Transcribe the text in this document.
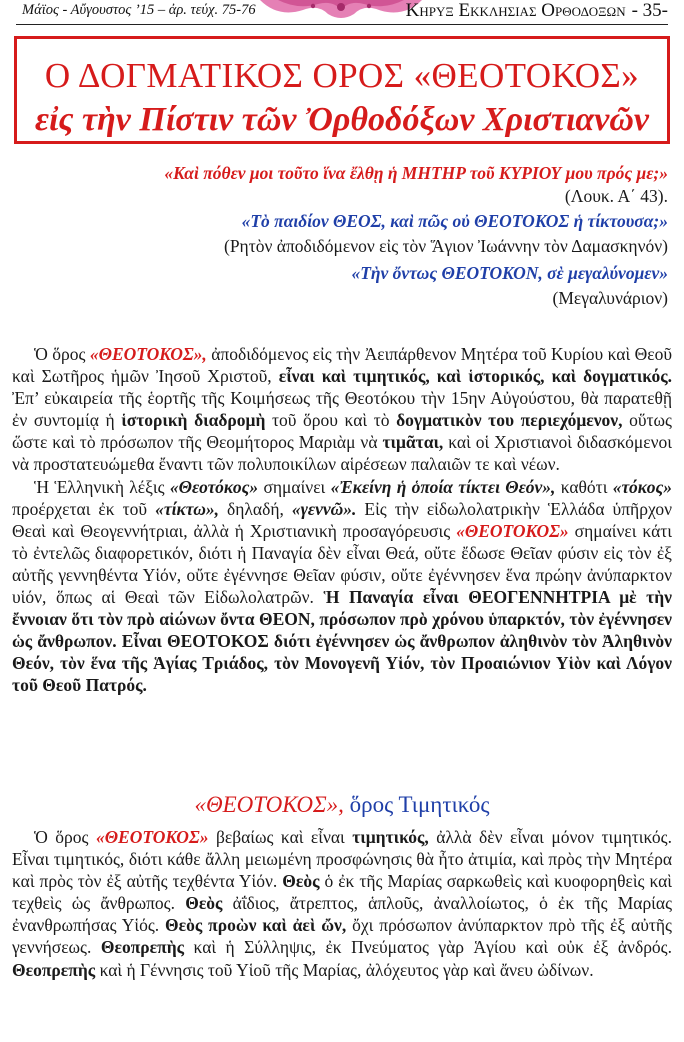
Μάϊος - Αὔγουστος ’15 – ἀρ. τεύχ. 75-76	Κηρυξ Εκκλησιας Ορθοδοξων - 35-
Ο ΔΟΓΜΑΤΙΚΟΣ ΟΡΟΣ «ΘΕΟΤΟΚΟΣ»
εἰς τὴν Πίστιν τῶν Ὀρθοδόξων Χριστιανῶν
«Καὶ πόθεν μοι τοῦτο ἵνα ἔλθῃ ἡ ΜΗΤΗΡ τοῦ ΚΥΡΙΟΥ μου πρός με;»
(Λουκ. Α΄ 43).
«Τὸ παιδίον ΘΕΟΣ, καὶ πῶς οὐ ΘΕΟΤΟΚΟΣ ἡ τίκτουσα;»
(Ρητὸν ἀποδιδόμενον εἰς τὸν Ἅγιον Ἰωάννην τὸν Δαμασκηνόν)
«Τὴν ὄντως ΘΕΟΤΟΚΟΝ, σὲ μεγαλύνομεν»
(Μεγαλυνάριον)

Ὁ ὅρος «ΘΕΟΤΟΚΟΣ», ἀποδιδόμενος εἰς τὴν Ἀειπάρθενον Μητέρα τοῦ Κυρίου καὶ Θεοῦ καὶ Σωτῆρος ἡμῶν Ἰησοῦ Χριστοῦ, εἶναι καὶ τιμητικός, καὶ ἱστορικός, καὶ δογματικός. Ἐπ’ εὐκαιρεία τῆς ἑορτῆς τῆς Κοιμήσεως τῆς Θεοτόκου τὴν 15ην Αὐγούστου, θὰ παρατεθῇ ἐν συντομίᾳ ἡ ἱστορικὴ διαδρομὴ τοῦ ὅρου καὶ τὸ δογματικὸν του περιεχόμενον, οὕτως ὥστε καὶ τὸ πρόσωπον τῆς Θεομήτορος Μαριὰμ νὰ τιμᾶται, καὶ οἱ Χριστιανοὶ διδασκόμενοι νὰ προστατευώμεθα ἔναντι τῶν πολυποικίλων αἱρέσεων παλαιῶν τε καὶ νέων.

Ἡ Ἑλληνικὴ λέξις «Θεοτόκος» σημαίνει «Ἐκείνη ἡ ὁποία τίκτει Θεόν», καθότι «τόκος» προέρχεται ἐκ τοῦ «τίκτω», δηλαδή, «γεννῶ». Εἰς τὴν εἰδωλολατρικὴν Ἑλλάδα ὑπῆρχον Θεαὶ καὶ Θεογεννήτριαι, ἀλλὰ ἡ Χριστιανικὴ προσαγόρευσις «ΘΕΟΤΟΚΟΣ» σημαίνει κάτι τὸ ἐντελῶς διαφορετικόν, διότι ἡ Παναγία δὲν εἶναι Θεά, οὔτε ἔδωσε Θεῖαν φύσιν εἰς τὸν ἐξ αὐτῆς γεννηθέντα Υἱόν, οὔτε ἐγέννησε Θεῖαν φύσιν, οὔτε ἐγέννησεν ἕνα πρώην ἀνύπαρκτον υἱόν, ὅπως αἱ Θεαὶ τῶν Εἰδωλολατρῶν. Ἡ Παναγία εἶναι ΘΕΟΓΕΝΝΗΤΡΙΑ μὲ τὴν ἔννοιαν ὅτι τὸν πρὸ αἰώνων ὄντα ΘΕΟΝ, πρόσωπον πρὸ χρόνου ὑπαρκτόν, τὸν ἐγέννησεν ὡς ἄνθρωπον. Εἶναι ΘΕΟΤΟΚΟΣ διότι ἐγέννησεν ὡς ἄνθρωπον ἀληθινὸν τὸν Ἀληθινὸν Θεόν, τὸν ἕνα τῆς Ἁγίας Τριάδος, τὸν Μονογενῆ Υἱόν, τὸν Προαιώνιον Υἱὸν καὶ Λόγον τοῦ Θεοῦ Πατρός.

«ΘΕΟΤΟΚΟΣ», ὅρος Τιμητικός

Ὁ ὅρος «ΘΕΟΤΟΚΟΣ» βεβαίως καὶ εἶναι τιμητικός, ἀλλὰ δὲν εἶναι μόνον τιμητικός. Εἶναι τιμητικός, διότι κάθε ἄλλη μειωμένη προσφώνησις θὰ ἦτο ἀτιμία, καὶ πρὸς τὴν Μητέρα καὶ πρὸς τὸν ἐξ αὐτῆς τεχθέντα Υἱόν. Θεὸς ὁ ἐκ τῆς Μαρίας σαρκωθεὶς καὶ κυοφορηθεὶς καὶ τεχθεὶς ὡς ἄνθρωπος. Θεὸς ἀΐδιος, ἄτρεπτος, ἁπλοῦς, ἀναλλοίωτος, ὁ ἐκ τῆς Μαρίας ἐνανθρωπήσας Υἱός. Θεὸς προὼν καὶ ἀεὶ ὤν, ὄχι πρόσωπον ἀνύπαρκτον πρὸ τῆς ἐξ αὐτῆς γεννήσεως. Θεοπρεπὴς καὶ ἡ Σύλληψις, ἐκ Πνεύματος γὰρ Ἁγίου καὶ οὐκ ἐξ ἀνδρός. Θεοπρεπὴς καὶ ἡ Γέννησις τοῦ Υἱοῦ τῆς Μαρίας, ἀλόχευτος γὰρ καὶ ἄνευ ὠδίνων.
